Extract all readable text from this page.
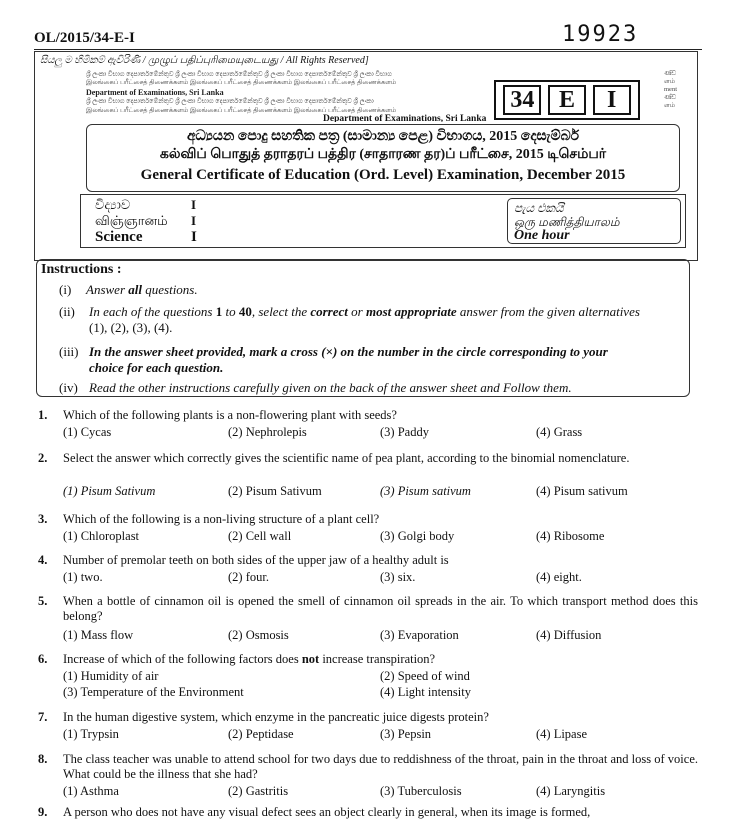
OL/2015/34-E-I	19923
සියලු ම හිමිකම් ඇවිරිණි / முழுப் பதிப்புரிமையுடையது / All Rights Reserved]
ශ්‍රී ලංකා විභාග දෙපාර්තමේන්තුව ශ්‍රී ලංකා විභාග දෙපාර්තමේන්තුව ශ්‍රී ලංකා විභාග දෙපාර්තමේන්තුව ශ්‍රී ලංකා විභාග
இலங்கைப் பரீட்சைத் திணைக்களம் இலங்கைப் பரீட்சைத் திணைக்களம் இலங்கைப் பரீட்சைத் திணைக்களம்
Department of Examinations, Sri Lanka
ශ්‍රී ලංකා විභාග දෙපාර්තමේන්තුව ශ්‍රී ලංකා විභාග දෙපාර්තමේන්තුව ශ්‍රී ලංකා විභාග දෙපාර්තමේන්තුව ශ්‍රී ලංකා
இலங்கைப் பரீட்சைத் திணைக்களம் இலங்கைப் பரீட்சைத் திணைக்களம் இலங்கைப் பரீட்சைத் திணைக்களம்
Department of Examinations, Sri Lanka
ණ්ඩ
ளம்
ment
ණ්ඩ
ளம்
34	E	I
අධ්‍යයන පොදු සහතික පත්‍ර (සාමාන්‍ය පෙළ) විභාගය, 2015 දෙසැම්බර්
கல்விப் பொதுத் தராதரப் பத்திர (சாதாரண தர)ப் பரீட்சை, 2015 டிசெம்பர்
General Certificate of Education (Ord. Level) Examination, December 2015
විද්‍යාව	I
விஞ்ஞானம்	I
Science	I
පැය එකයි
ஒரு மணித்தியாலம்
One hour
Instructions :
(i) Answer all questions.
(ii) In each of the questions 1 to 40, select the correct or most appropriate answer from the given alternatives
(1), (2), (3), (4).
(iii) In the answer sheet provided, mark a cross (×) on the number in the circle corresponding to your
choice for each question.
(iv) Read the other instructions carefully given on the back of the answer sheet and Follow them.
1. Which of the following plants is a non-flowering plant with seeds?
(1) Cycas	(2) Nephrolepis	(3) Paddy	(4) Grass
2. Select the answer which correctly gives the scientific name of pea plant, according to the binomial nomenclature.
(1) Pisum Sativum	(2) Pisum Sativum	(3) Pisum sativum	(4) Pisum sativum
3. Which of the following is a non-living structure of a plant cell?
(1) Chloroplast	(2) Cell wall	(3) Golgi body	(4) Ribosome
4. Number of premolar teeth on both sides of the upper jaw of a healthy adult is
(1) two.	(2) four.	(3) six.	(4) eight.
5. When a bottle of cinnamon oil is opened the smell of cinnamon oil spreads in the air. To which transport method does this belong?
(1) Mass flow	(2) Osmosis	(3) Evaporation	(4) Diffusion
6. Increase of which of the following factors does not increase transpiration?
(1) Humidity of air	(2) Speed of wind
(3) Temperature of the Environment	(4) Light intensity
7. In the human digestive system, which enzyme in the pancreatic juice digests protein?
(1) Trypsin	(2) Peptidase	(3) Pepsin	(4) Lipase
8. The class teacher was unable to attend school for two days due to reddishness of the throat, pain in the throat and loss of voice. What could be the illness that she had?
(1) Asthma	(2) Gastritis	(3) Tuberculosis	(4) Laryngitis
9. A person who does not have any visual defect sees an object clearly in general, when its image is formed,
